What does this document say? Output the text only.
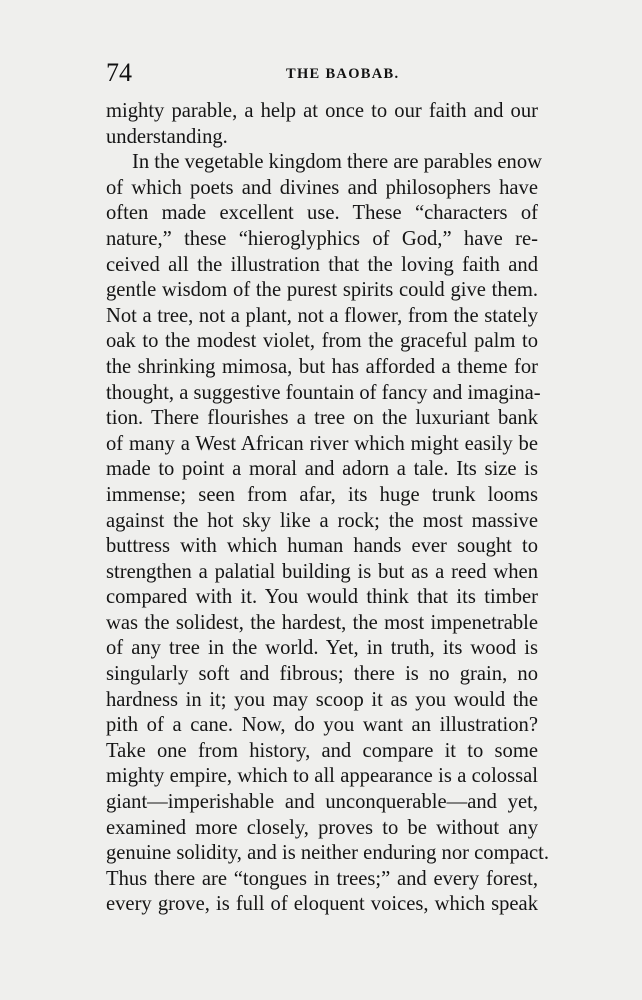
74	THE BAOBAB.
mighty parable, a help at once to our faith and our
understanding.
In the vegetable kingdom there are parables enow
of which poets and divines and philosophers have
often made excellent use. These “characters of
nature,” these “hieroglyphics of God,” have re-
ceived all the illustration that the loving faith and
gentle wisdom of the purest spirits could give them.
Not a tree, not a plant, not a flower, from the stately
oak to the modest violet, from the graceful palm to
the shrinking mimosa, but has afforded a theme for
thought, a suggestive fountain of fancy and imagina-
tion. There flourishes a tree on the luxuriant bank
of many a West African river which might easily be
made to point a moral and adorn a tale. Its size is
immense; seen from afar, its huge trunk looms
against the hot sky like a rock; the most massive
buttress with which human hands ever sought to
strengthen a palatial building is but as a reed when
compared with it. You would think that its timber
was the solidest, the hardest, the most impenetrable
of any tree in the world. Yet, in truth, its wood is
singularly soft and fibrous; there is no grain, no
hardness in it; you may scoop it as you would the
pith of a cane. Now, do you want an illustration?
Take one from history, and compare it to some
mighty empire, which to all appearance is a colossal
giant—imperishable and unconquerable—and yet,
examined more closely, proves to be without any
genuine solidity, and is neither enduring nor compact.
Thus there are “tongues in trees;” and every forest,
every grove, is full of eloquent voices, which speak
